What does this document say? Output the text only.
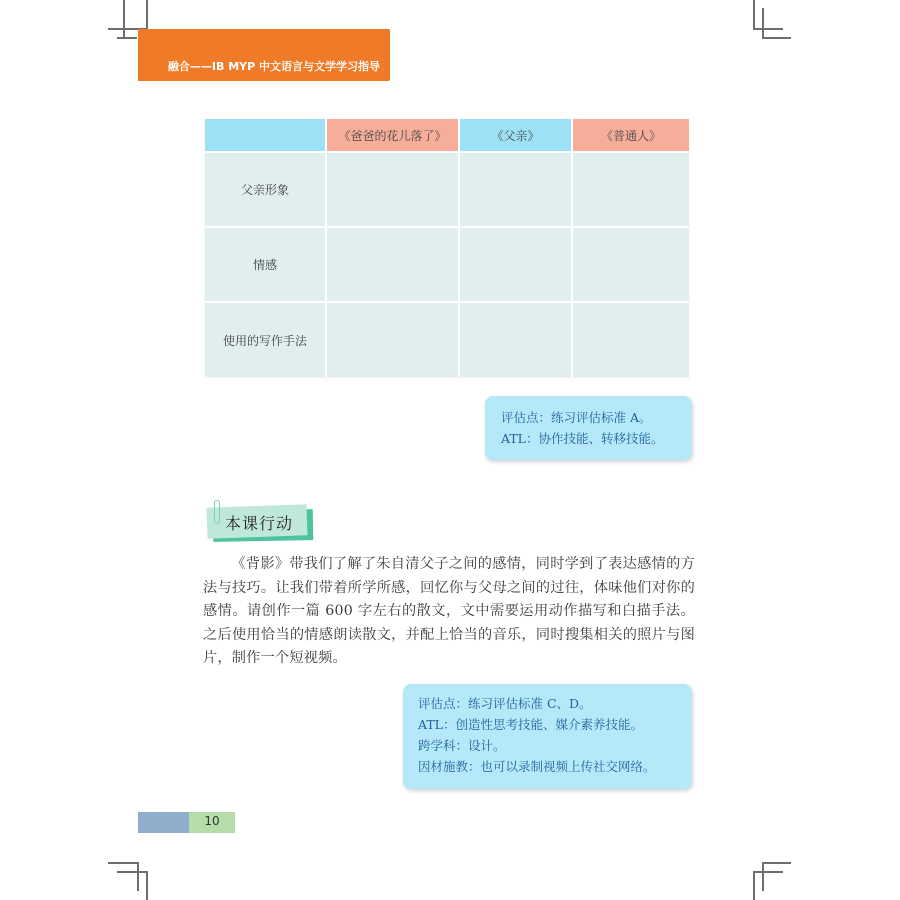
融合——IB MYP 中文语言与文学学习指导
	《爸爸的花儿落了》	《父亲》	《普通人》
父亲形象			
情感			
使用的写作手法			
评估点：练习评估标准 A。
ATL：协作技能、转移技能。
本课行动

《背影》带我们了解了朱自清父子之间的感情，同时学到了表达感情的方法与技巧。让我们带着所学所感，回忆你与父母之间的过往，体味他们对你的感情。请创作一篇 600 字左右的散文，文中需要运用动作描写和白描手法。之后使用恰当的情感朗读散文，并配上恰当的音乐，同时搜集相关的照片与图片，制作一个短视频。

评估点：练习评估标准 C、D。
ATL：创造性思考技能、媒介素养技能。
跨学科：设计。
因材施教：也可以录制视频上传社交网络。
10
